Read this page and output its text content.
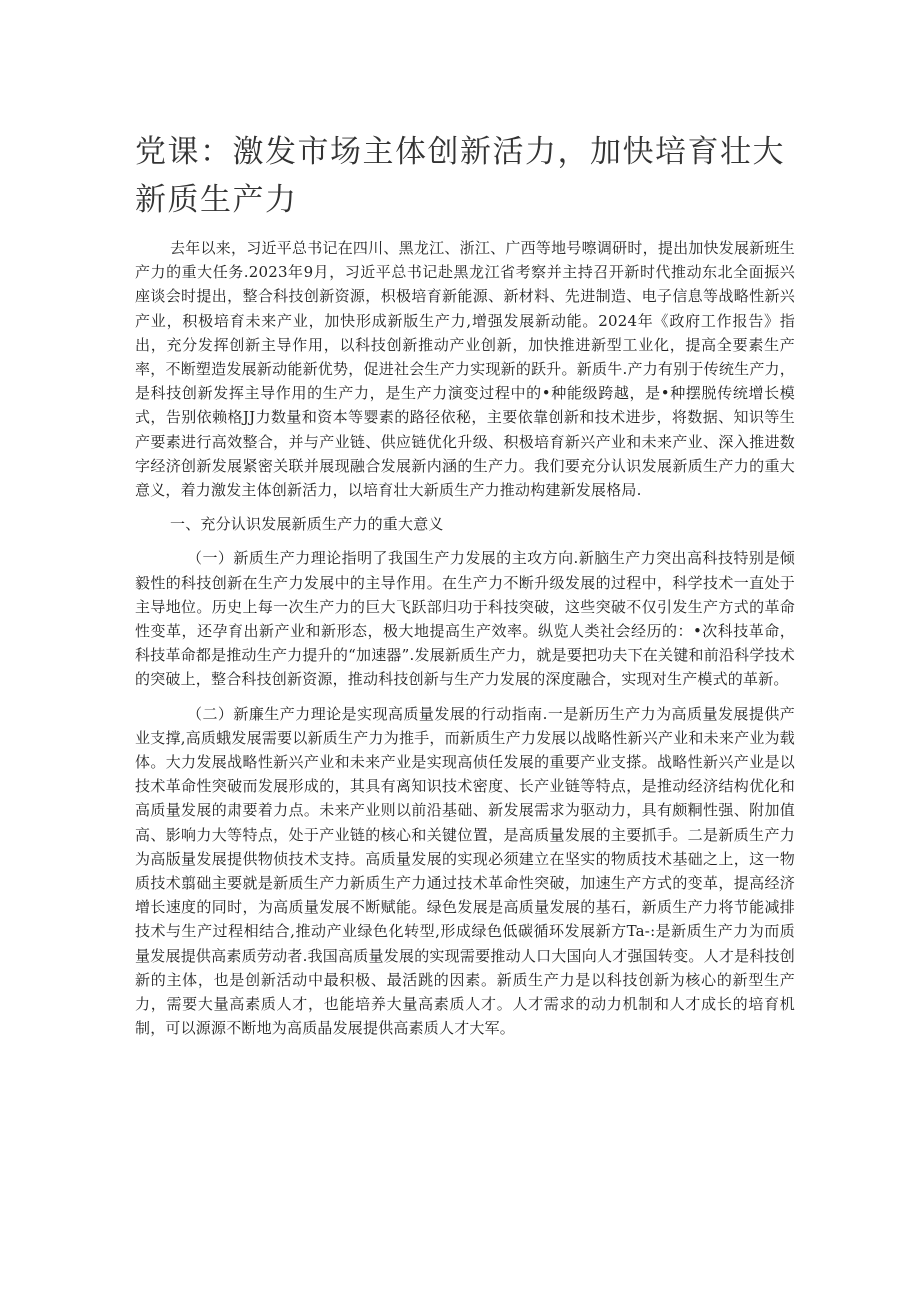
党课：激发市场主体创新活力，加快培育壮大新质生产力

去年以来，习近平总书记在四川、黑龙江、浙江、广西等地号嚓调研时，提出加快发展新班生产力的重大任务.2023年9月，习近平总书记赴黑龙江省考察并主持召开新时代推动东北全面振兴座谈会时提出，整合科技创新资源，枳极培育新能源、新材料、先进制造、电子信息等战略性新兴产业，积极培育未来产业，加快形成新版生产力,增强发展新动能。2024年《政府工作报告》指出，充分发挥创新主导作用，以科技创新推动产业创新，加快推进新型工业化，提高全要素生产率，不断塑造发展新动能新优势，促进社会生产力实现新的跃升。新质牛.产力有别于传统生产力，是科技创新发挥主导作用的生产力，是生产力演变过程中的•种能级跨越，是•种摆脱传统增长模式，告别依赖格JJ力数量和资本等婴素的路径依秘，主要依靠创新和技术进步，将数据、知识等生产要素进行高效整合，并与产业链、供应链优化升级、积极培育新兴产业和未来产业、深入推进数字经济创新发展紧密关联并展现融合发展新内涵的生产力。我们要充分认识发展新质生产力的重大意义，着力激发主体创新活力，以培育壮大新质生产力推动构建新发展格局.

一、充分认识发展新质生产力的重大意义

（一）新质生产力理论指明了我国生产力发展的主攻方向.新脑生产力突出高科技特别是倾毅性的科技创新在生产力发展中的主导作用。在生产力不断升级发展的过程中，科学技术一直处于主导地位。历史上每一次生产力的巨大飞跃部归功于科技突破，这些突破不仅引发生产方式的革命性变革，还孕育出新产业和新形态，极大地提高生产效率。纵览人类社会经历的：•次科技革命，科技革命都是推动生产力提升的“加速器”.发展新质生产力，就是要把功夫下在关键和前沿科学技术的突破上，整合科技创新资源，推动科技创新与生产力发展的深度融合，实现对生产模式的革新。

（二）新廉生产力理论是实现高质量发展的行动指南.一是新历生产力为高质量发展提供产业支撑,高质蛾发展需要以新质生产力为推手，而新质生产力发展以战略性新兴产业和未来产业为载体。大力发展战略性新兴产业和未来产业是实现高侦任发展的重要产业支搽。战略性新兴产业是以技术革命性突破而发展形成的，其具有离知识技术密度、长产业链等特点，是推动经济结构优化和高质量发展的肃要着力点。未来产业则以前沿基础、新发展需求为驱动力，具有颇粡性强、附加值高、影响力大等特点，处于产业链的核心和关键位置，是高质量发展的主要抓手。二是新质生产力为高版量发展提供物侦技术支持。高质量发展的实现必须建立在坚实的物质技术基础之上，这一物质技术翦础主要就是新质生产力新质生产力通过技术革命性突破，加速生产方式的变革，提高经济增长速度的同时，为高质量发展不断赋能。绿色发展是高质量发展的基石，新质生产力将节能减排技术与生产过程相结合,推动产业绿色化转型,形成绿色低碳循环发展新方Ta-:是新质生产力为而质量发展提供高素质劳动者.我国高质量发展的实现需要推动人口大国向人才强国转变。人才是科技创新的主体，也是创新活动中最积极、最活跳的因素。新质生产力是以科技创新为核心的新型生产力，需要大量高素质人才，也能培养大量高素质人才。人才需求的动力机制和人才成长的培育机制，可以源源不断地为高质晶发展提供高素质人才大军。
